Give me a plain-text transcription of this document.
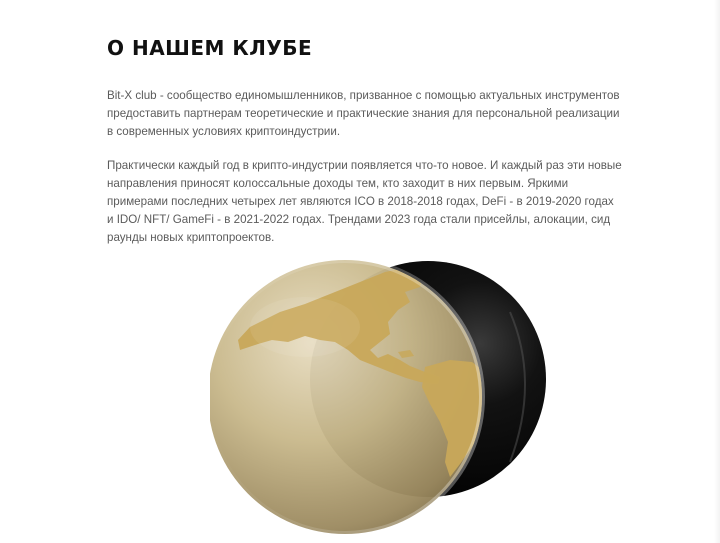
О НАШЕМ КЛУБЕ

Bit-X club - сообщество единомышленников, призванное с помощью актуальных инструментов предоставить партнерам теоретические и практические знания для персональной реализации в современных условиях криптоиндустрии.

Практически каждый год в крипто-индустрии появляется что-то новое. И каждый раз эти новые направления приносят колоссальные доходы тем, кто заходит в них первым. Яркими примерами последних четырех лет являются ICO в 2018-2018 годах, DeFi - в 2019-2020 годах и IDO/ NFT/ GameFi - в 2021-2022 годах. Трендами 2023 года стали присейлы, алокации, сид раунды новых криптопроектов.
